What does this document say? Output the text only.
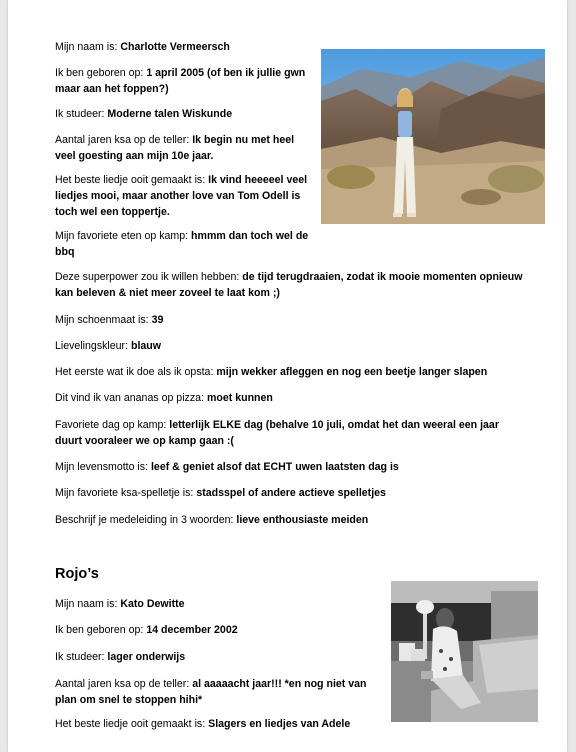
Mijn naam is: Charlotte Vermeersch

Ik ben geboren op: 1 april 2005 (of ben ik jullie gwn maar aan het foppen?)

Ik studeer: Moderne talen Wiskunde

Aantal jaren ksa op de teller: Ik begin nu met heel veel goesting aan mijn 10e jaar.

Het beste liedje ooit gemaakt is: Ik vind heeeeel veel liedjes mooi, maar another love van Tom Odell is toch wel een toppertje.

Mijn favoriete eten op kamp: hmmm dan toch wel de bbq

Deze superpower zou ik willen hebben: de tijd terugdraaien, zodat ik mooie momenten opnieuw kan beleven & niet meer zoveel te laat kom ;)

Mijn schoenmaat is: 39

Lievelingskleur: blauw

Het eerste wat ik doe als ik opsta: mijn wekker afleggen en nog een beetje langer slapen

Dit vind ik van ananas op pizza: moet kunnen

Favoriete dag op kamp: letterlijk ELKE dag (behalve 10 juli, omdat het dan weeral een jaar duurt vooraleer we op kamp gaan :(

Mijn levensmotto is: leef & geniet alsof dat ECHT uwen laatsten dag is

Mijn favoriete ksa-spelletje is: stadsspel of andere actieve spelletjes

Beschrijf je medeleiding in 3 woorden: lieve enthousiaste meiden

Rojo’s

Mijn naam is: Kato Dewitte

Ik ben geboren op: 14 december 2002

Ik studeer: lager onderwijs

Aantal jaren ksa op de teller: al aaaaacht jaar!!! *en nog niet van plan om snel te stoppen hihi*

Het beste liedje ooit gemaakt is: Slagers en liedjes van Adele
